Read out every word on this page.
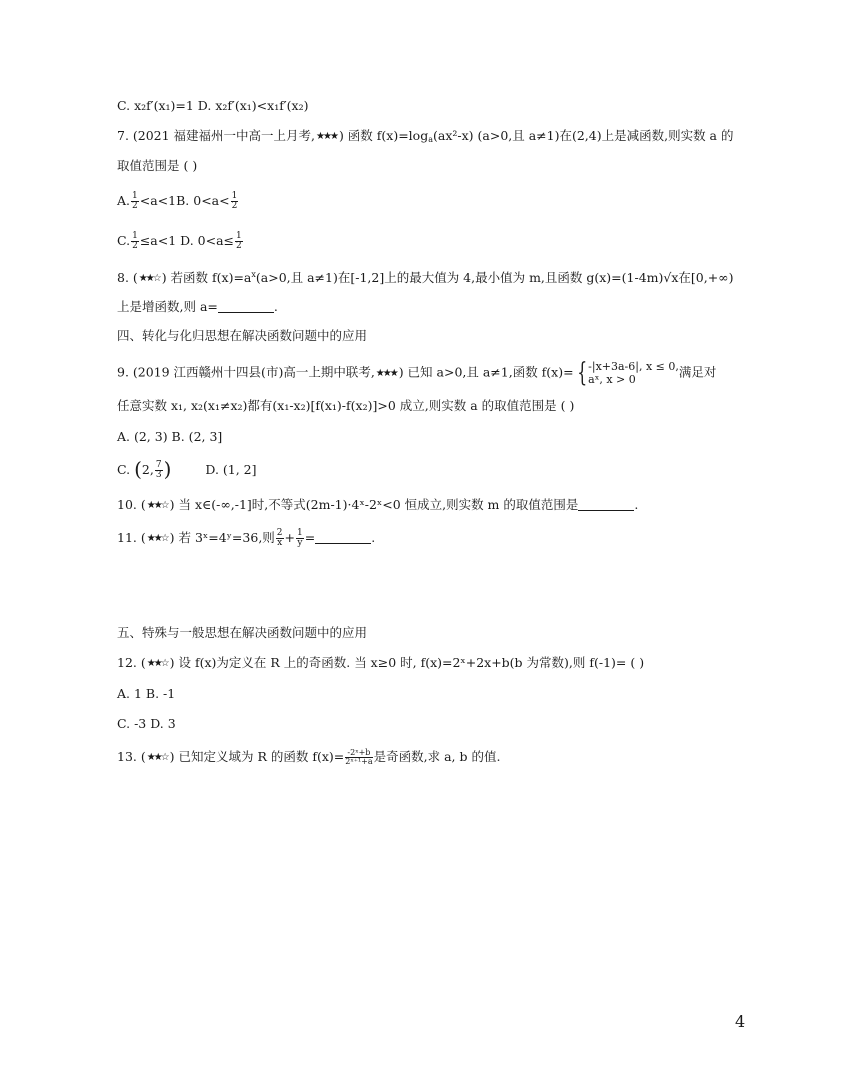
C. x₂f′(x₁)=1 D. x₂f′(x₁)<x₁f′(x₂)
7. (2021 福建福州一中高一上月考,★★★ ) 函数 $f(x)=\log_a(ax^2-x)$ (a>0,且 a≠1)在(2,4)上是减函数,则实数 a 的
取值范围是 ( )
A. $\frac{1}{2} <a<1B$. $0<a< \frac{1}{2}$
C. $\frac{1}{2} \le a<1$ D. $0<a\le \frac{1}{2}$
8. (★★☆ ) 若函数 $f(x)=a^x(a>0$,且 a≠1)在[-1,2]上的最大值为 4,最小值为 m,且函数 g(x)=(1-4m)√x在[0,+∞)
上是增函数,则 a=	.
四、转化与化归思想在解决函数问题中的应用
9. (2019 江西赣州十四县(市)高一上期中联考,★★★ ) 已知 a>0,且 a≠1,函数 f(x)= { -|x+3a-6|, x ≤ 0,
aˣ, x > 0	满足对
任意实数 x₁, x₂(x₁≠x₂)都有(x₁-x₂)[f(x₁)-f(x₂)]>0 成立,则实数 a 的取值范围是 ( )
A. (2, 3) B. (2, 3]
C. (2, $\frac{7}{3}$ )	D. (1, 2]
10. (★★☆ ) 当 x∈(-∞,-1]时,不等式(2m-1)·4ˣ-2ˣ<0 恒成立,则实数 m 的取值范围是	.
11. (★★☆ ) 若 3ˣ=4ʸ=36,则 $\frac{2}{x} + \frac{1}{y}$ =	.
五、特殊与一般思想在解决函数问题中的应用
12. (★★☆ ) 设 f(x)为定义在 R 上的奇函数. 当 x≥0 时, f(x)=2ˣ+2x+b(b 为常数),则 f(-1)= ( )
A. 1 B. -1
C. -3 D. 3
13. (★★☆ ) 已知定义域为 R 的函数 $f(x)= \frac{\text{-2ˣ+b}}{\text{2ˣ⁺¹+a}}$ 是奇函数,求 a, b 的值.
4
